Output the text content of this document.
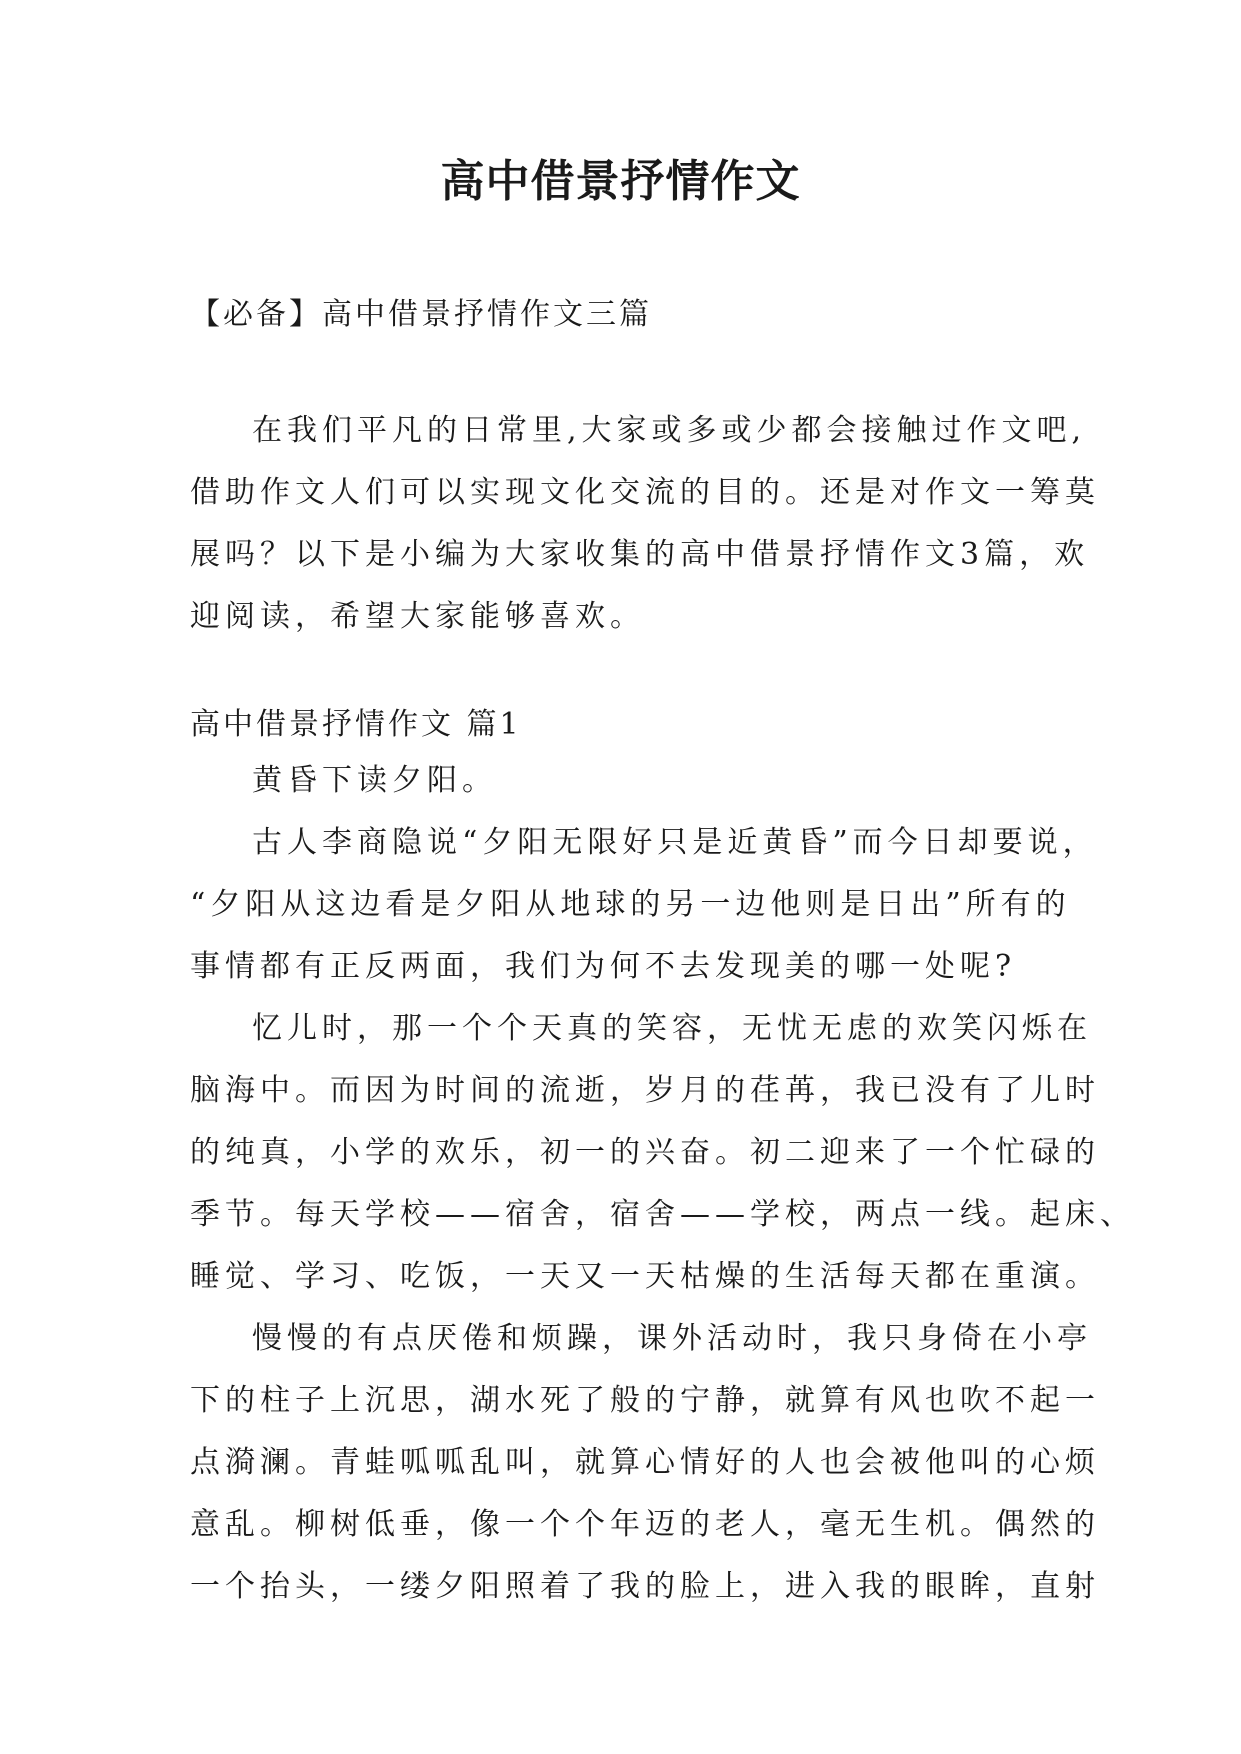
高中借景抒情作文

【必备】高中借景抒情作文三篇

在我们平凡的日常里,大家或多或少都会接触过作文吧,
借助作文人们可以实现文化交流的目的。还是对作文一筹莫
展吗？以下是小编为大家收集的高中借景抒情作文3篇，欢
迎阅读，希望大家能够喜欢。

高中借景抒情作文 篇1

黄昏下读夕阳。
古人李商隐说“夕阳无限好只是近黄昏”而今日却要说，
“夕阳从这边看是夕阳从地球的另一边他则是日出”所有的
事情都有正反两面，我们为何不去发现美的哪一处呢?
忆儿时，那一个个天真的笑容，无忧无虑的欢笑闪烁在
脑海中。而因为时间的流逝，岁月的荏苒，我已没有了儿时
的纯真，小学的欢乐，初一的兴奋。初二迎来了一个忙碌的
季节。每天学校——宿舍，宿舍——学校，两点一线。起床、
睡觉、学习、吃饭，一天又一天枯燥的生活每天都在重演。
慢慢的有点厌倦和烦躁，课外活动时，我只身倚在小亭
下的柱子上沉思，湖水死了般的宁静，就算有风也吹不起一
点漪澜。青蛙呱呱乱叫，就算心情好的人也会被他叫的心烦
意乱。柳树低垂，像一个个年迈的老人，毫无生机。偶然的
一个抬头，一缕夕阳照着了我的脸上，进入我的眼眸，直射
